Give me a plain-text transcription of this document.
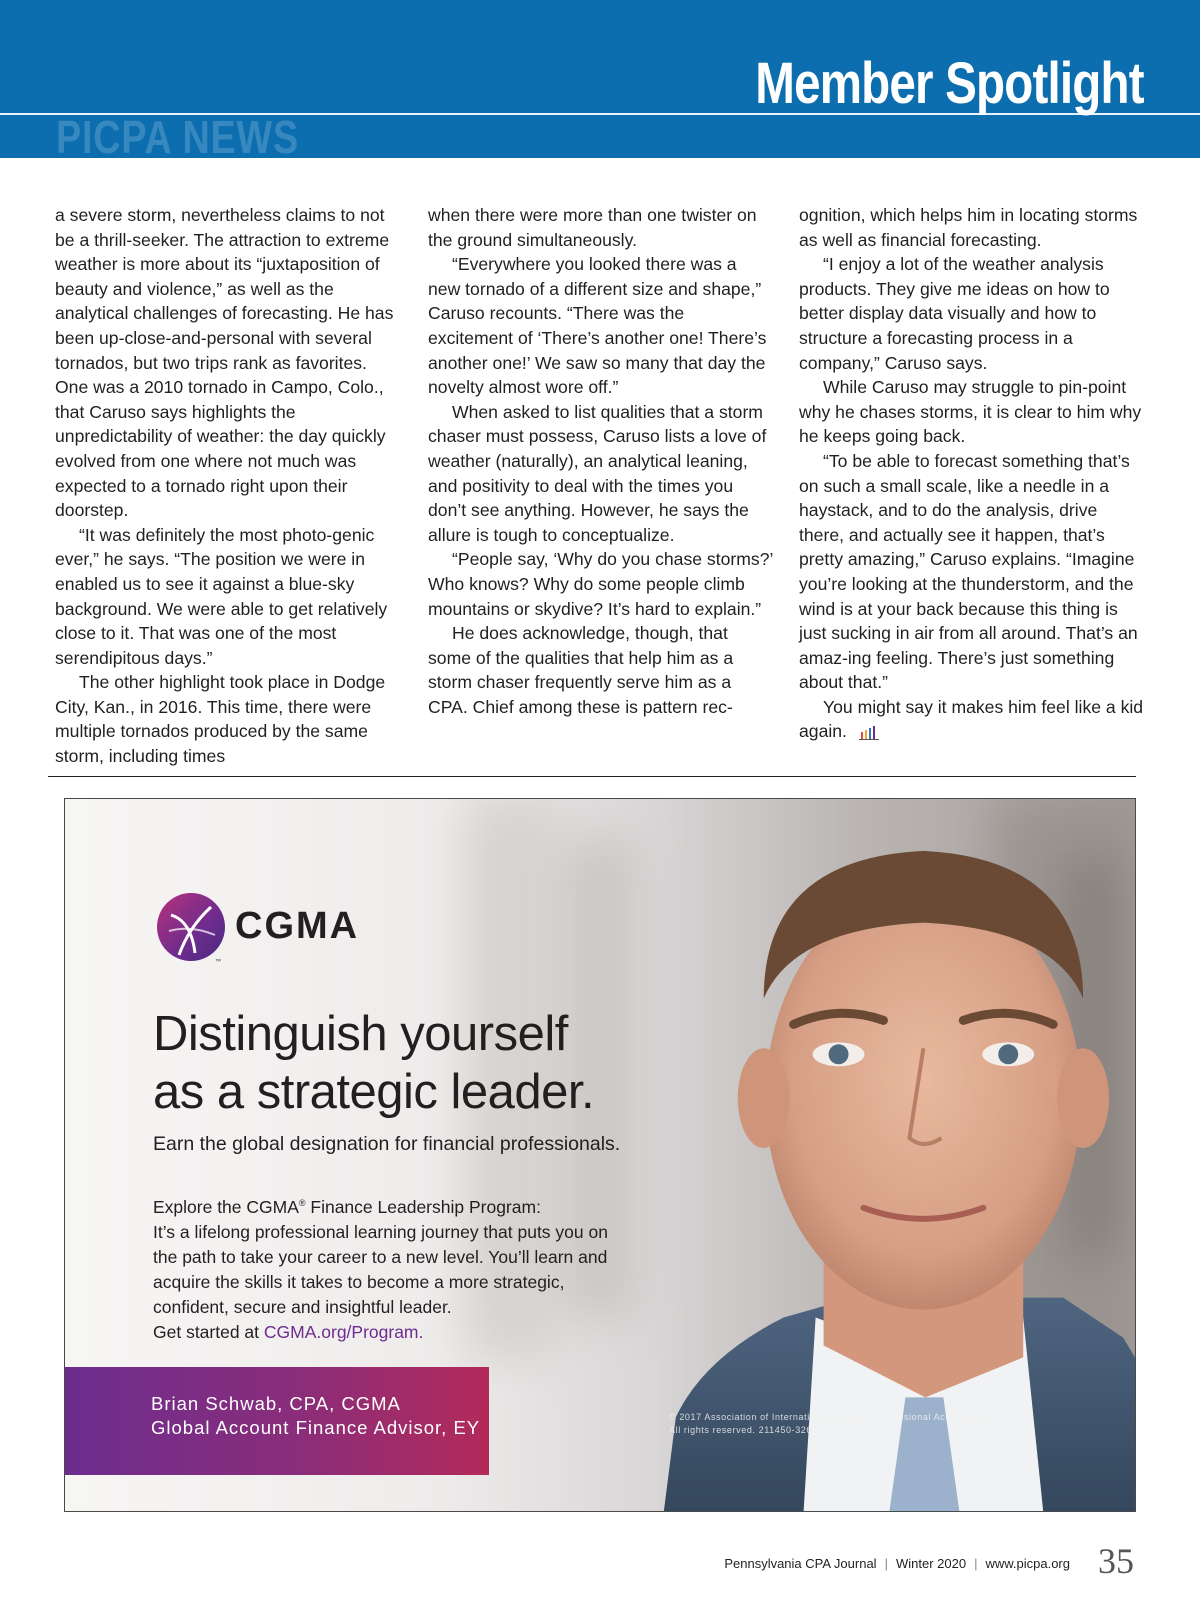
Member Spotlight
PICPA NEWS

a severe storm, nevertheless claims to not be a thrill-seeker. The attraction to extreme weather is more about its “juxtaposition of beauty and violence,” as well as the analytical challenges of forecasting. He has been up-close-and-personal with several tornados, but two trips rank as favorites. One was a 2010 tornado in Campo, Colo., that Caruso says highlights the unpredictability of weather: the day quickly evolved from one where not much was expected to a tornado right upon their doorstep.

“It was definitely the most photo-genic ever,” he says. “The position we were in enabled us to see it against a blue-sky background. We were able to get relatively close to it. That was one of the most serendipitous days.”

The other highlight took place in Dodge City, Kan., in 2016. This time, there were multiple tornados produced by the same storm, including times

when there were more than one twister on the ground simultaneously.

“Everywhere you looked there was a new tornado of a different size and shape,” Caruso recounts. “There was the excitement of ‘There’s another one! There’s another one!’ We saw so many that day the novelty almost wore off.”

When asked to list qualities that a storm chaser must possess, Caruso lists a love of weather (naturally), an analytical leaning, and positivity to deal with the times you don’t see anything. However, he says the allure is tough to conceptualize.

“People say, ‘Why do you chase storms?’ Who knows? Why do some people climb mountains or skydive? It’s hard to explain.”

He does acknowledge, though, that some of the qualities that help him as a storm chaser frequently serve him as a CPA. Chief among these is pattern rec-

ognition, which helps him in locating storms as well as financial forecasting.

“I enjoy a lot of the weather analysis products. They give me ideas on how to better display data visually and how to structure a forecasting process in a company,” Caruso says.

While Caruso may struggle to pin-point why he chases storms, it is clear to him why he keeps going back.

“To be able to forecast something that’s on such a small scale, like a needle in a haystack, and to do the analysis, drive there, and actually see it happen, that’s pretty amazing,” Caruso explains. “Imagine you’re looking at the thunderstorm, and the wind is at your back because this thing is just sucking in air from all around. That’s an amaz-ing feeling. There’s just something about that.”

You might say it makes him feel like a kid again.

™
CGMA
Distinguish yourself
as a strategic leader.
Earn the global designation for financial professionals.
Explore the CGMA® Finance Leadership Program:
It’s a lifelong professional learning journey that puts you on the path to take your career to a new level. You’ll learn and acquire the skills it takes to become a more strategic, confident, secure and insightful leader.
Get started at CGMA.org/Program.
Brian Schwab, CPA, CGMA
Global Account Finance Advisor, EY	© 2017 Association of International Certified Professional Accountants.
All rights reserved. 211450-326
Pennsylvania CPA Journal | Winter 2020 | www.picpa.org 35
